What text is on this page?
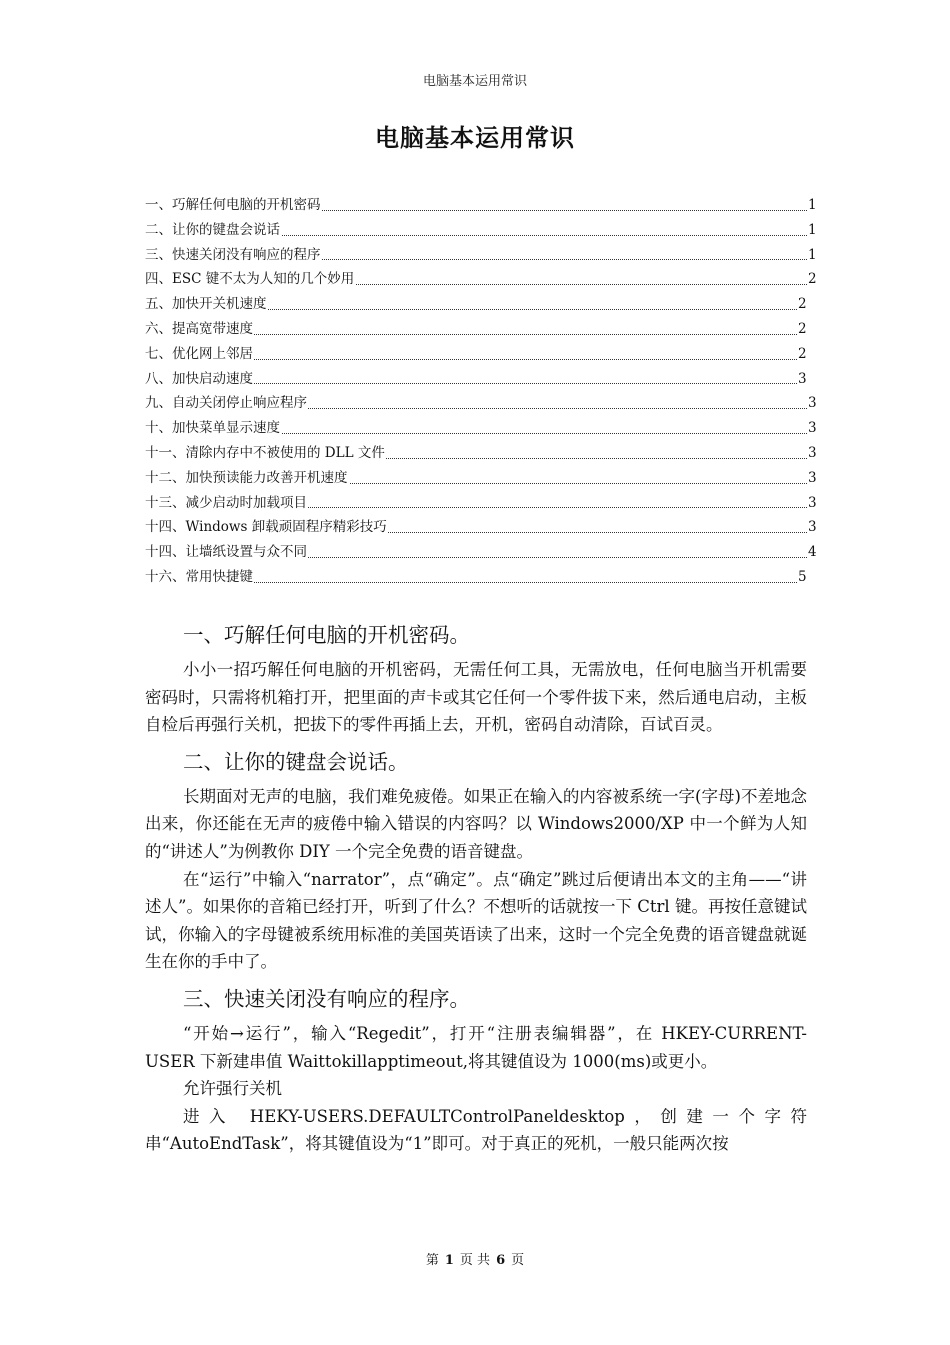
电脑基本运用常识
电脑基本运用常识
一、巧解任何电脑的开机密码	1
二、让你的键盘会说话	1
三、快速关闭没有响应的程序	1
四、ESC 键不太为人知的几个妙用	2
五、加快开关机速度	2
六、提高宽带速度	2
七、优化网上邻居	2
八、加快启动速度	3
九、自动关闭停止响应程序	3
十、加快菜单显示速度	3
十一、清除内存中不被使用的 DLL 文件	3
十二、加快预读能力改善开机速度	3
十三、减少启动时加载项目	3
十四、Windows 卸载顽固程序精彩技巧	3
十四、让墙纸设置与众不同	4
十六、常用快捷键	5
一、巧解任何电脑的开机密码。

小小一招巧解任何电脑的开机密码，无需任何工具，无需放电，任何电脑当开机需要密码时，只需将机箱打开，把里面的声卡或其它任何一个零件拔下来，然后通电启动，主板自检后再强行关机，把拔下的零件再插上去，开机，密码自动清除，百试百灵。

二、让你的键盘会说话。

长期面对无声的电脑，我们难免疲倦。如果正在输入的内容被系统一字(字母)不差地念出来，你还能在无声的疲倦中输入错误的内容吗？以 Windows2000/XP 中一个鲜为人知的“讲述人”为例教你 DIY 一个完全免费的语音键盘。

在“运行”中输入“narrator”，点“确定”。点“确定”跳过后便请出本文的主角——“讲述人”。如果你的音箱已经打开，听到了什么？不想听的话就按一下 Ctrl 键。再按任意键试试，你输入的字母键被系统用标准的美国英语读了出来，这时一个完全免费的语音键盘就诞生在你的手中了。

三、快速关闭没有响应的程序。

“开始→运行”，输入“Regedit”，打开“注册表编辑器”，在 HKEY-CURRENT-USER 下新建串值 Waittokillapptimeout,将其键值设为 1000(ms)或更小。

允许强行关机

进入 HEKY-USERS.DEFAULTControlPaneldesktop，创建一个字符串“AutoEndTask”，将其键值设为“1”即可。对于真正的死机，一般只能两次按

第 1 页 共 6 页
